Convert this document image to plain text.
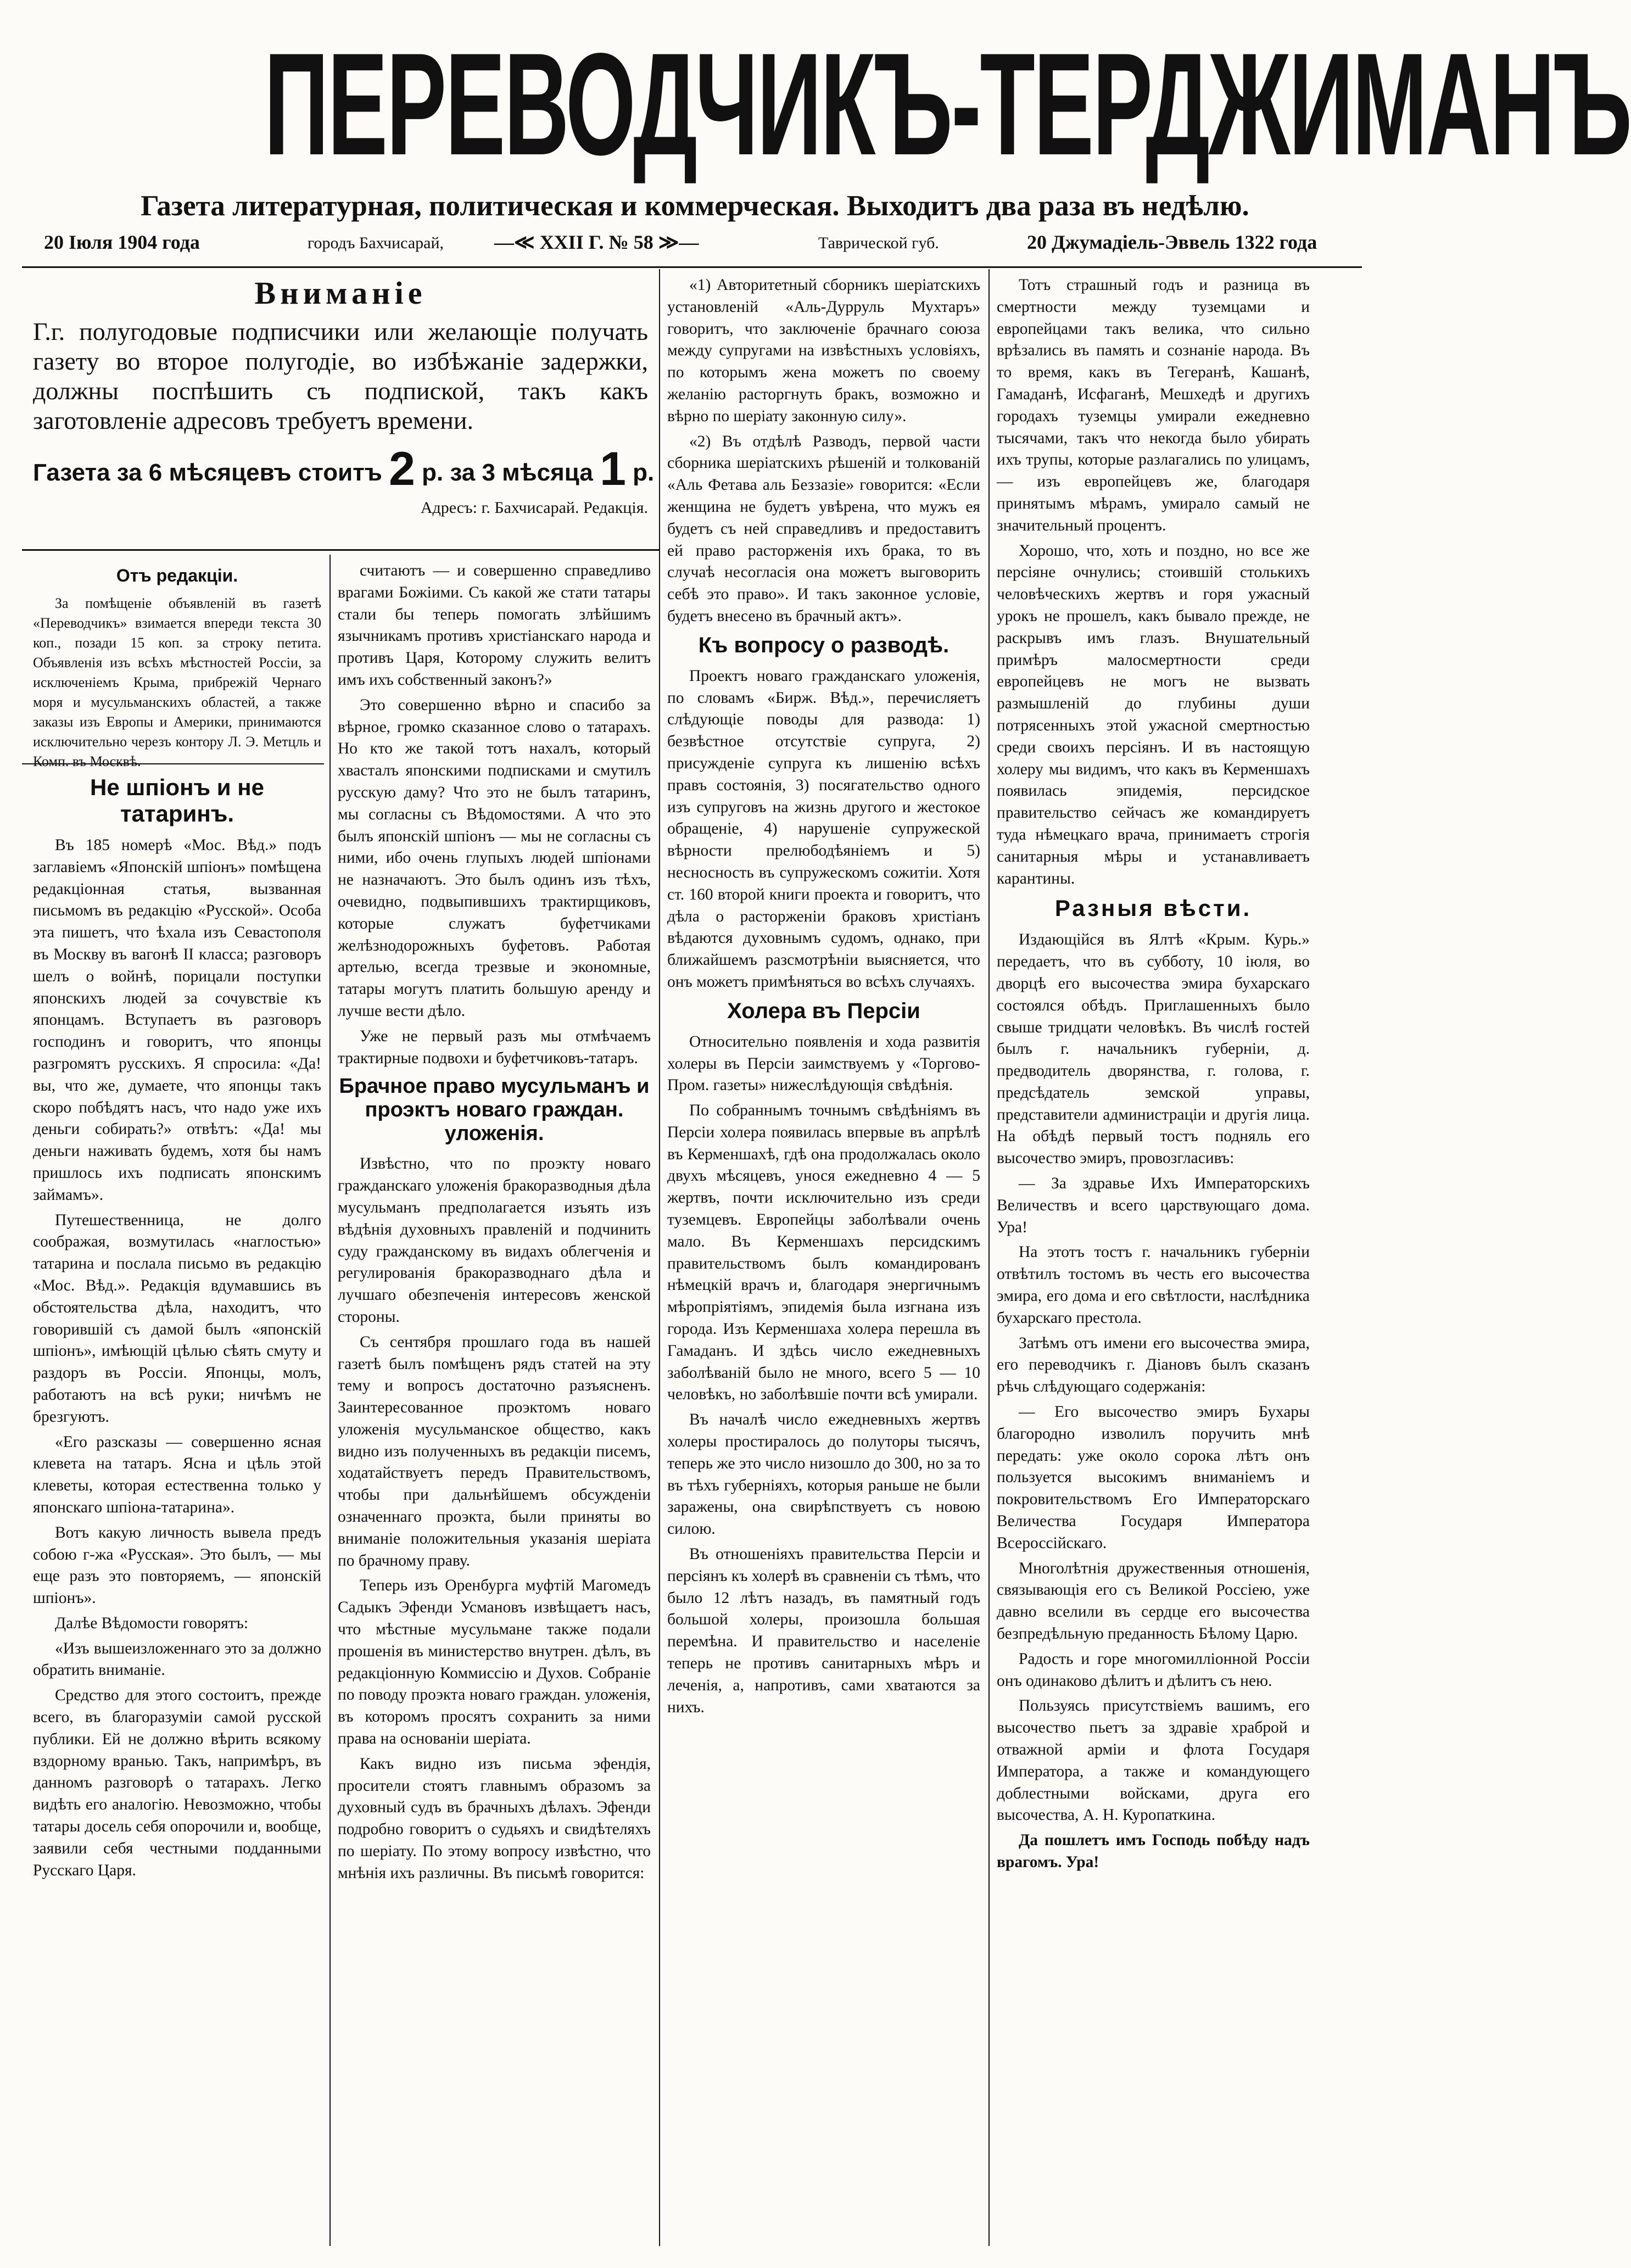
ПЕРЕВОДЧИКЪ-ТЕРДЖИМАНЪ
Газета литературная, политическая и коммерческая. Выходитъ два раза въ недѣлю.
20 Іюля 1904 года	городъ Бахчисарай,	—≪ XXII Г. № 58 ≫—	Таврической губ.	20 Джумадіель-Эввель 1322 года
Вниманіе
Г.г. полугодовые подписчики или желающіе получать газету во второе полугодіе, во избѣжаніе задержки, должны поспѣшить съ подпиской, такъ какъ заготовленіе адресовъ требуетъ времени.
Газета за 6 мѣсяцевъ стоитъ 2 р. за 3 мѣсяца 1 р.
Адресъ: г. Бахчисарай. Редакція.
Отъ редакціи.
За помѣщеніе объявленій въ газетѣ «Переводчикъ» взимается впереди текста 30 коп., позади 15 коп. за строку петита. Объявленія изъ всѣхъ мѣстностей Россіи, за исключеніемъ Крыма, прибрежій Чернаго моря и мусульманскихъ областей, а также заказы изъ Европы и Америки, принимаются исключительно черезъ контору Л. Э. Метцль и Комп. въ Москвѣ.
Не шпіонъ и не татаринъ.

Въ 185 номерѣ «Мос. Вѣд.» подъ заглавіемъ «Японскій шпіонъ» помѣщена редакціонная статья, вызванная письмомъ въ редакцію «Русской». Особа эта пишетъ, что ѣхала изъ Севастополя въ Москву въ вагонѣ II класса; разговоръ шелъ о войнѣ, порицали поступки японскихъ людей за сочувствіе къ японцамъ. Вступаетъ въ разговоръ господинъ и говоритъ, что японцы разгромятъ русскихъ. Я спросила: «Да! вы, что же, думаете, что японцы такъ скоро побѣдятъ насъ, что надо уже ихъ деньги собирать?» отвѣтъ: «Да! мы деньги наживать будемъ, хотя бы намъ пришлось ихъ подписать японскимъ займамъ».

Путешественница, не долго соображая, возмутилась «наглостью» татарина и послала письмо въ редакцію «Мос. Вѣд.». Редакція вдумавшись въ обстоятельства дѣла, находитъ, что говорившій съ дамой былъ «японскій шпіонъ», имѣющій цѣлью сѣять смуту и раздоръ въ Россіи. Японцы, молъ, работаютъ на всѣ руки; ничѣмъ не брезгуютъ.

«Его разсказы — совершенно ясная клевета на татаръ. Ясна и цѣль этой клеветы, которая естественна только у японскаго шпіона-татарина».

Вотъ какую личность вывела предъ собою г-жа «Русская». Это былъ, — мы еще разъ это повторяемъ, — японскій шпіонъ».

Далѣе Вѣдомости говорятъ:

«Изъ вышеизложеннаго это за должно обратить вниманіе.

Средство для этого состоитъ, прежде всего, въ благоразуміи самой русской публики. Ей не должно вѣрить всякому вздорному вранью. Такъ, напримѣръ, въ данномъ разговорѣ о татарахъ. Легко видѣть его аналогію. Невозможно, чтобы татары досель себя опорочили и, вообще, заявили себя честными подданными Русскаго Царя.

считаютъ — и совершенно справедливо врагами Божіими. Съ какой же стати татары стали бы теперь помогать злѣйшимъ язычникамъ противъ христіанскаго народа и противъ Царя, Которому служить велитъ имъ ихъ собственный законъ?»

Это совершенно вѣрно и спасибо за вѣрное, громко сказанное слово о татарахъ. Но кто же такой тотъ нахалъ, который хвасталъ японскими подписками и смутилъ русскую даму? Что это не былъ татаринъ, мы согласны съ Вѣдомостями. А что это былъ японскій шпіонъ — мы не согласны съ ними, ибо очень глупыхъ людей шпіонами не назначаютъ. Это былъ одинъ изъ тѣхъ, очевидно, подвыпившихъ трактирщиковъ, которые служатъ буфетчиками желѣзнодорожныхъ буфетовъ. Работая артелью, всегда трезвые и экономные, татары могутъ платить большую аренду и лучше вести дѣло.

Уже не первый разъ мы отмѣчаемъ трактирные подвохи и буфетчиковъ-татаръ.

Брачное право мусульманъ и проэктъ новаго граждан. уложенія.

Извѣстно, что по проэкту новаго гражданскаго уложенія бракоразводныя дѣла мусульманъ предполагается изъять изъ вѣдѣнія духовныхъ правленій и подчинить суду гражданскому въ видахъ облегченія и регулированія бракоразводнаго дѣла и лучшаго обезпеченія интересовъ женской стороны.

Съ сентября прошлаго года въ нашей газетѣ былъ помѣщенъ рядъ статей на эту тему и вопросъ достаточно разъясненъ. Заинтересованное проэктомъ новаго уложенія мусульманское общество, какъ видно изъ полученныхъ въ редакціи писемъ, ходатайствуетъ передъ Правительствомъ, чтобы при дальнѣйшемъ обсужденіи означеннаго проэкта, были приняты во вниманіе положительныя указанія шеріата по брачному праву.

Теперь изъ Оренбурга муфтій Магомедъ Садыкъ Эфенди Усмановъ извѣщаетъ насъ, что мѣстные мусульмане также подали прошенія въ министерство внутрен. дѣлъ, въ редакціонную Коммиссію и Духов. Собраніе по поводу проэкта новаго граждан. уложенія, въ которомъ просятъ сохранить за ними права на основаніи шеріата.

Какъ видно изъ письма эфендія, просители стоятъ главнымъ образомъ за духовный судъ въ брачныхъ дѣлахъ. Эфенди подробно говоритъ о судьяхъ и свидѣтеляхъ по шеріату. По этому вопросу извѣстно, что мнѣнія ихъ различны. Въ письмѣ говорится:

«1) Авторитетный сборникъ шеріатскихъ установленій «Аль-Дурруль Мухтаръ» говоритъ, что заключеніе брачнаго союза между супругами на извѣстныхъ условіяхъ, по которымъ жена можетъ по своему желанію расторгнуть бракъ, возможно и вѣрно по шеріату законную силу».

«2) Въ отдѣлѣ Разводъ, первой части сборника шеріатскихъ рѣшеній и толкованій «Аль Фетава аль Беззазіе» говорится: «Если женщина не будетъ увѣрена, что мужъ ея будетъ съ ней справедливъ и предоставитъ ей право расторженія ихъ брака, то въ случаѣ несогласія она можетъ выговорить себѣ это право». И такъ законное условіе, будетъ внесено въ брачный актъ».

Къ вопросу о разводѣ.

Проектъ новаго гражданскаго уложенія, по словамъ «Бирж. Вѣд.», перечисляетъ слѣдующіе поводы для развода: 1) безвѣстное отсутствіе супруга, 2) присужденіе супруга къ лишенію всѣхъ правъ состоянія, 3) посягательство одного изъ супруговъ на жизнь другого и жестокое обращеніе, 4) нарушеніе супружеской вѣрности прелюбодѣяніемъ и 5) несносность въ супружескомъ сожитіи. Хотя ст. 160 второй книги проекта и говоритъ, что дѣла о расторженіи браковъ христіанъ вѣдаются духовнымъ судомъ, однако, при ближайшемъ разсмотрѣніи выясняется, что онъ можетъ примѣняться во всѣхъ случаяхъ.

Холера въ Персіи

Относительно появленія и хода развитія холеры въ Персіи заимствуемъ у «Торгово-Пром. газеты» нижеслѣдующія свѣдѣнія.

По собраннымъ точнымъ свѣдѣніямъ въ Персіи холера появилась впервые въ апрѣлѣ въ Керменшахѣ, гдѣ она продолжалась около двухъ мѣсяцевъ, унося ежедневно 4 — 5 жертвъ, почти исключительно изъ среди туземцевъ. Европейцы заболѣвали очень мало. Въ Керменшахъ персидскимъ правительствомъ былъ командированъ нѣмецкій врачъ и, благодаря энергичнымъ мѣропріятіямъ, эпидемія была изгнана изъ города. Изъ Керменшаха холера перешла въ Гамаданъ. И здѣсь число ежедневныхъ заболѣваній было не много, всего 5 — 10 человѣкъ, но заболѣвшіе почти всѣ умирали.

Въ началѣ число ежедневныхъ жертвъ холеры простиралось до полуторы тысячъ, теперь же это число низошло до 300, но за то въ тѣхъ губерніяхъ, которыя раньше не были заражены, она свирѣпствуетъ съ новою силою.

Въ отношеніяхъ правительства Персіи и персіянъ къ холерѣ въ сравненіи съ тѣмъ, что было 12 лѣтъ назадъ, въ памятный годъ большой холеры, произошла большая перемѣна. И правительство и населеніе теперь не противъ санитарныхъ мѣръ и леченія, а, напротивъ, сами хватаются за нихъ.

Тотъ страшный годъ и разница въ смертности между туземцами и европейцами такъ велика, что сильно врѣзались въ память и сознаніе народа. Въ то время, какъ въ Тегеранѣ, Кашанѣ, Гамаданѣ, Исфаганѣ, Мешхедѣ и другихъ городахъ туземцы умирали ежедневно тысячами, такъ что некогда было убирать ихъ трупы, которые разлагались по улицамъ, — изъ европейцевъ же, благодаря принятымъ мѣрамъ, умирало самый не значительный процентъ.

Хорошо, что, хоть и поздно, но все же персіяне очнулись; стоившій столькихъ человѣческихъ жертвъ и горя ужасный урокъ не прошелъ, какъ бывало прежде, не раскрывъ имъ глазъ. Внушательный примѣръ малосмертности среди европейцевъ не могъ не вызвать размышленій до глубины души потрясенныхъ этой ужасной смертностью среди своихъ персіянъ. И въ настоящую холеру мы видимъ, что какъ въ Керменшахъ появилась эпидемія, персидское правительство сейчасъ же командируетъ туда нѣмецкаго врача, принимаетъ строгія санитарныя мѣры и устанавливаетъ карантины.

Разныя вѣсти.

Издающійся въ Ялтѣ «Крым. Курь.» передаетъ, что въ субботу, 10 іюля, во дворцѣ его высочества эмира бухарскаго состоялся обѣдъ. Приглашенныхъ было свыше тридцати человѣкъ. Въ числѣ гостей былъ г. начальникъ губерніи, д. предводитель дворянства, г. голова, г. предсѣдатель земской управы, представители администраціи и другія лица. На обѣдѣ первый тостъ подняль его высочество эмиръ, провозгласивъ:

— За здравье Ихъ Императорскихъ Величествъ и всего царствующаго дома. Ура!

На этотъ тостъ г. начальникъ губерніи отвѣтилъ тостомъ въ честь его высочества эмира, его дома и его свѣтлости, наслѣдника бухарскаго престола.

Затѣмъ отъ имени его высочества эмира, его переводчикъ г. Діановъ былъ сказанъ рѣчь слѣдующаго содержанія:

— Его высочество эмиръ Бухары благородно изволилъ поручить мнѣ передать: уже около сорока лѣтъ онъ пользуется высокимъ вниманіемъ и покровительствомъ Его Императорскаго Величества Государя Императора Всероссійскаго.

Многолѣтнія дружественныя отношенія, связывающія его съ Великой Россіею, уже давно вселили въ сердце его высочества безпредѣльную преданность Бѣлому Царю.

Радость и горе многомилліонной Россіи онъ одинаково дѣлитъ и дѣлитъ съ нею.

Пользуясь присутствіемъ вашимъ, его высочество пьетъ за здравіе храброй и отважной арміи и флота Государя Императора, а также и командующего доблестными войсками, друга его высочества, А. Н. Куропаткина.

Да пошлетъ имъ Господь побѣду надъ врагомъ. Ура!
